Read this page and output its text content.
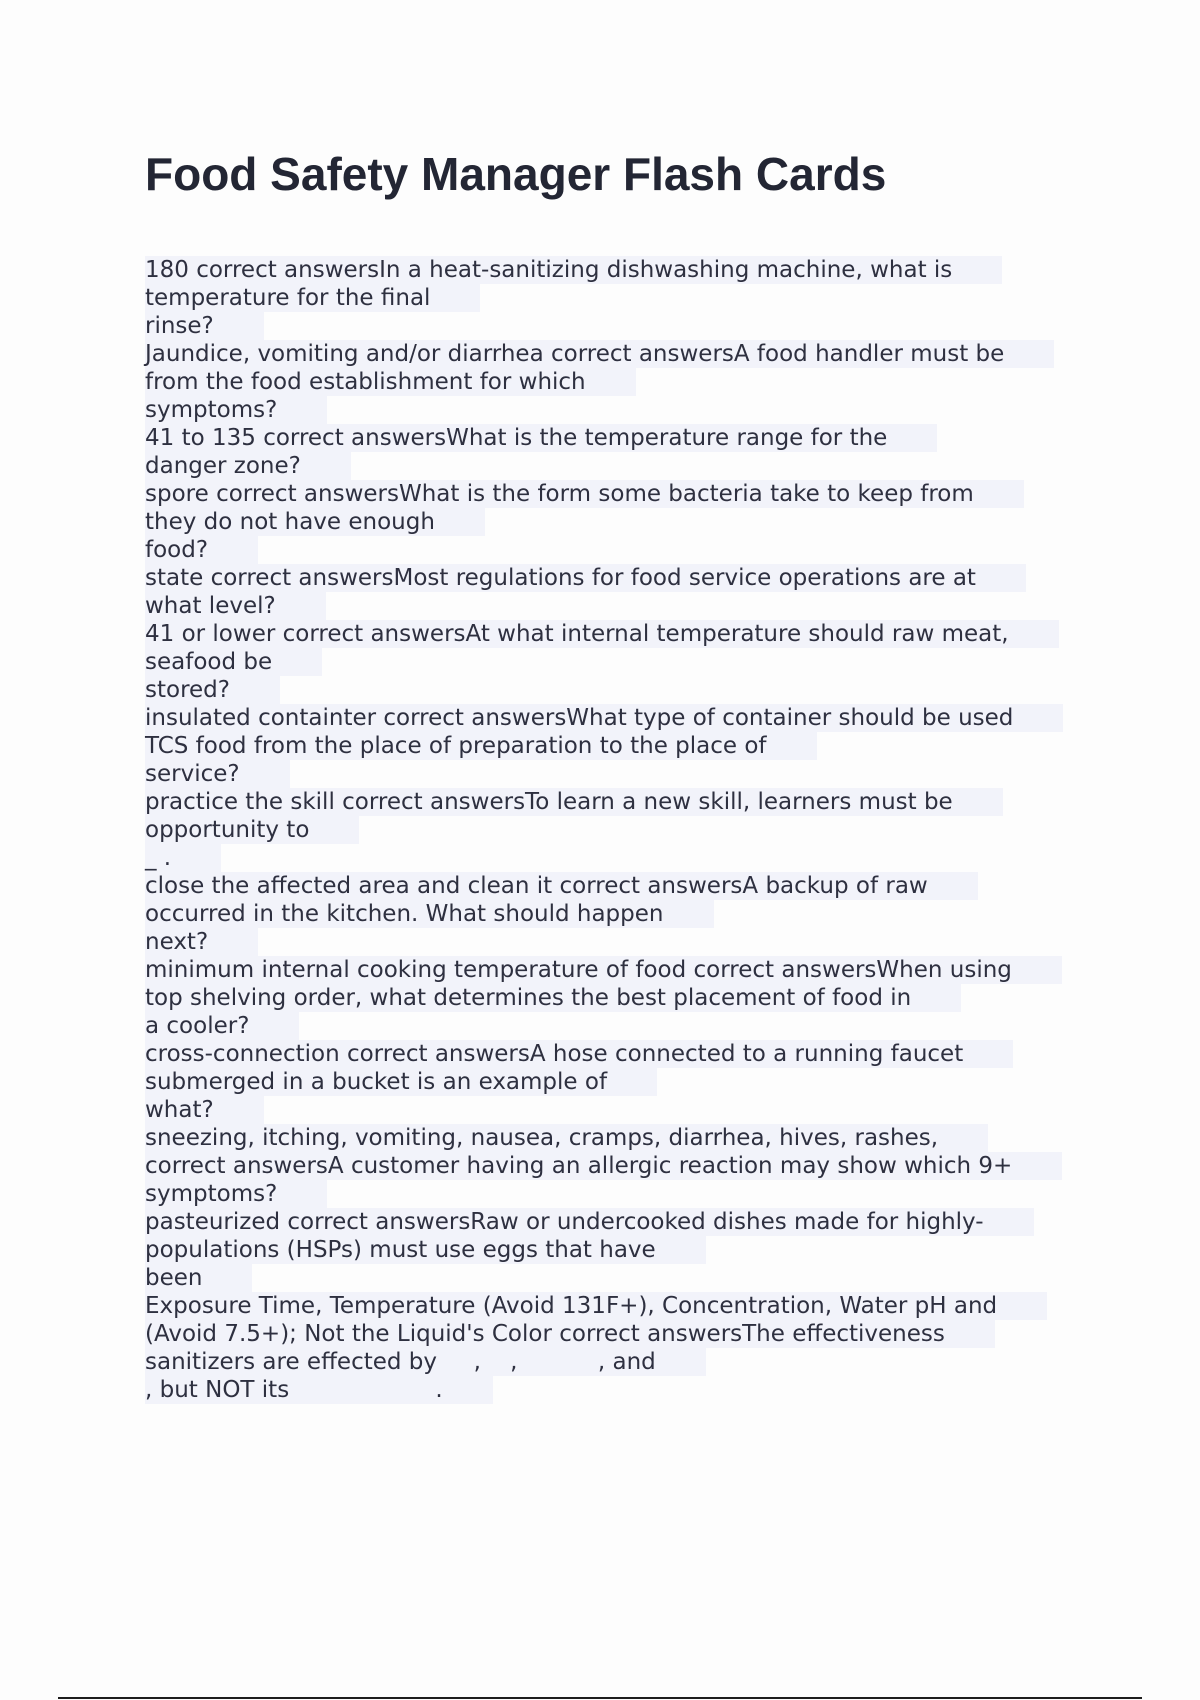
Food Safety Manager Flash Cards
180 correct answersIn a heat-sanitizing dishwashing machine, what is
temperature for the final
rinse?
Jaundice, vomiting and/or diarrhea correct answersA food handler must be
from the food establishment for which
symptoms?
41 to 135 correct answersWhat is the temperature range for the
danger zone?
spore correct answersWhat is the form some bacteria take to keep from
they do not have enough
food?
state correct answersMost regulations for food service operations are at
what level?
41 or lower correct answersAt what internal temperature should raw meat,
seafood be
stored?
insulated containter correct answersWhat type of container should be used
TCS food from the place of preparation to the place of
service?
practice the skill correct answersTo learn a new skill, learners must be
opportunity to
_ .
close the affected area and clean it correct answersA backup of raw
occurred in the kitchen. What should happen
next?
minimum internal cooking temperature of food correct answersWhen using
top shelving order, what determines the best placement of food in
a cooler?
cross-connection correct answersA hose connected to a running faucet
submerged in a bucket is an example of
what?
sneezing, itching, vomiting, nausea, cramps, diarrhea, hives, rashes,
correct answersA customer having an allergic reaction may show which 9+
symptoms?
pasteurized correct answersRaw or undercooked dishes made for highly-
populations (HSPs) must use eggs that have
been
Exposure Time, Temperature (Avoid 131F+), Concentration, Water pH and
(Avoid 7.5+); Not the Liquid's Color correct answersThe effectiveness
sanitizers are effected by     ,    ,           , and
, but NOT its                    .
